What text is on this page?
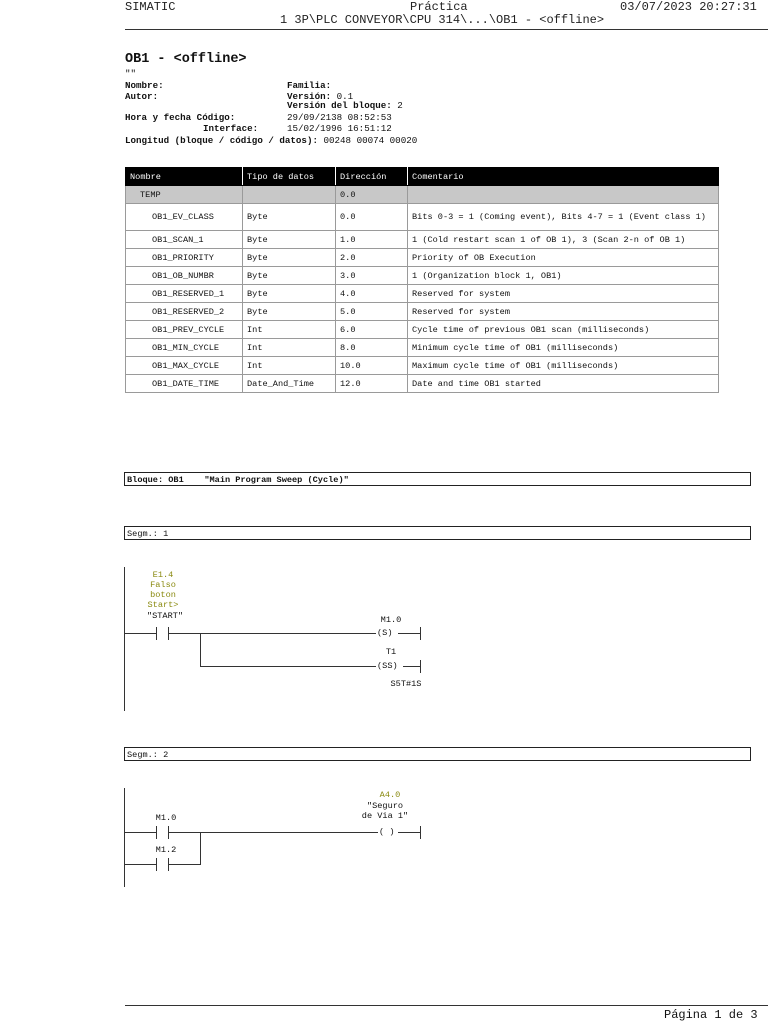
SIMATIC	Práctica	03/07/2023 20:27:31
1 3P\PLC CONVEYOR\CPU 314\...\OB1 - <offline>
OB1 - <offline>
""
Nombre:
Autor:
Familia:
Versión: 0.1
Versión del bloque: 2
Hora y fecha Código:	29/09/2138 08:52:53
Interface:	15/02/1996 16:51:12
Longitud (bloque / código / datos): 00248 00074 00020
Nombre	Tipo de datos	Dirección	Comentario
TEMP		0.0	
OB1_EV_CLASS	Byte	0.0	Bits 0-3 = 1 (Coming event), Bits 4-7 = 1 (Event class 1)
OB1_SCAN_1	Byte	1.0	1 (Cold restart scan 1 of OB 1), 3 (Scan 2-n of OB 1)
OB1_PRIORITY	Byte	2.0	Priority of OB Execution
OB1_OB_NUMBR	Byte	3.0	1 (Organization block 1, OB1)
OB1_RESERVED_1	Byte	4.0	Reserved for system
OB1_RESERVED_2	Byte	5.0	Reserved for system
OB1_PREV_CYCLE	Int	6.0	Cycle time of previous OB1 scan (milliseconds)
OB1_MIN_CYCLE	Int	8.0	Minimum cycle time of OB1 (milliseconds)
OB1_MAX_CYCLE	Int	10.0	Maximum cycle time of OB1 (milliseconds)
OB1_DATE_TIME	Date_And_Time	12.0	Date and time OB1 started
Bloque: OB1    "Main Program Sweep (Cycle)"
Segm.: 1
E1.4
Falso
boton
Start>
"START"	M1.0
(S)
T1
(SS)
S5T#1S
Segm.: 2
A4.0
"Seguro
de Via 1"
M1.0
M1.2
( )
Página 1 de 3
